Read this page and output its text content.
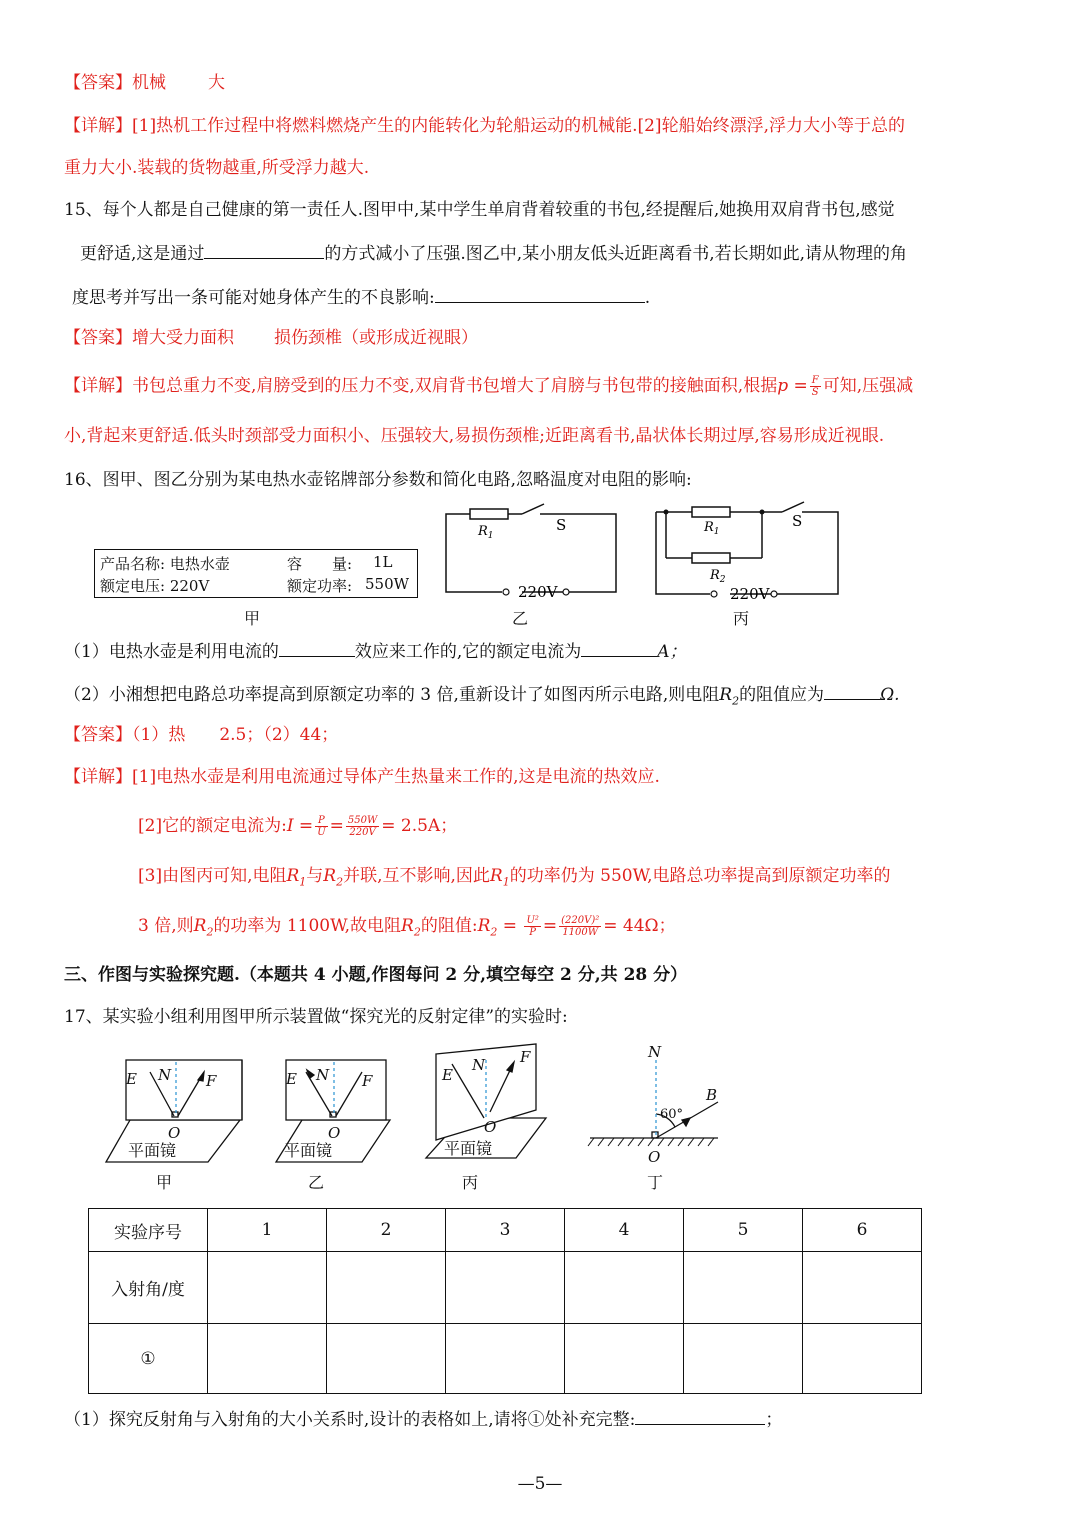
【答案】机械 大
【详解】[1]热机工作过程中将燃料燃烧产生的内能转化为轮船运动的机械能.[2]轮船始终漂浮,浮力大小等于总的
重力大小.装载的货物越重,所受浮力越大.
15、每个人都是自己健康的第一责任人.图甲中,某中学生单肩背着较重的书包,经提醒后,她换用双肩背书包,感觉
更舒适,这是通过	的方式减小了压强.图乙中,某小朋友低头近距离看书,若长期如此,请从物理的角
度思考并写出一条可能对她身体产生的不良影响:	.
【答案】增大受力面积 损伤颈椎（或形成近视眼）
【详解】书包总重力不变,肩膀受到的压力不变,双肩背书包增大了肩膀与书包带的接触面积,根据$p = \frac{F}{S}$ 可知,压强减
小,背起来更舒适.低头时颈部受力面积小、压强较大,易损伤颈椎;近距离看书,晶状体长期过厚,容易形成近视眼.
16、图甲、图乙分别为某电热水壶铭牌部分参数和简化电路,忽略温度对电阻的影响:
产品名称: 电热水壶	容　　量: 1L
额定电压: 220V	额定功率: 550W
甲
$R_1$
S
220V
乙
$R_1$
$R_2$
S
220V
丙
（1）电热水壶是利用电流的	效应来工作的,它的额定电流为	A；
（2）小湘想把电路总功率提高到原额定功率的 3 倍,重新设计了如图丙所示电路,则电阻$R_2$的阻值应为	Ω.
【答案】（1）热　　2.5；（2）44；
【详解】[1]电热水壶是利用电流通过导体产生热量来工作的,这是电流的热效应.
[2]它的额定电流为:I = $\frac{P}{U} = \frac{550W}{220V} = 2.5A$；
[3]由图丙可知,电阻$R_1$与$R_2$并联,互不影响,因此$R_1$的功率仍为 550W,电路总功率提高到原额定功率的
3 倍,则$R_2$的功率为 1100W,故电阻$R_2$的阻值$:R_2 = \frac{\text{U²}}{P} = \frac{\text{(220V)²}}{1100W} = 44\Omega$；
三、作图与实验探究题.（本题共 4 小题,作图每问 2 分,填空每空 2 分,共 28 分）
17、某实验小组利用图甲所示装置做“探究光的反射定律”的实验时:
E N F
O
E N F
O
E
N F
O
N
B
O
60°
平面镜	平面镜	平面镜
甲	乙	丙	丁
实验序号	1	2	3	4	5	6
入射角/度						
①						
（1）探究反射角与入射角的大小关系时,设计的表格如上,请将①处补充完整:	；
—5—
